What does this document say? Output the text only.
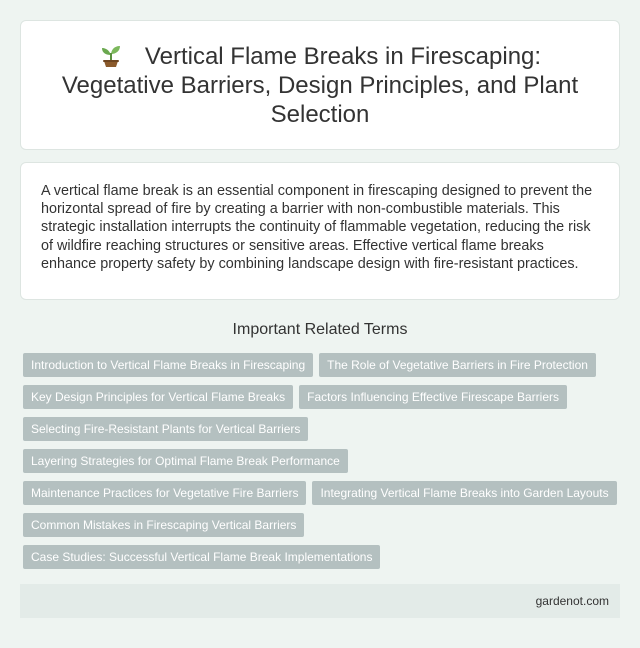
Vertical Flame Breaks in Firescaping: Vegetative Barriers, Design Principles, and Plant Selection

A vertical flame break is an essential component in firescaping designed to prevent the horizontal spread of fire by creating a barrier with non-combustible materials. This strategic installation interrupts the continuity of flammable vegetation, reducing the risk of wildfire reaching structures or sensitive areas. Effective vertical flame breaks enhance property safety by combining landscape design with fire-resistant practices.

Important Related Terms
Introduction to Vertical Flame Breaks in Firescaping	The Role of Vegetative Barriers in Fire Protection
Key Design Principles for Vertical Flame Breaks	Factors Influencing Effective Firescape Barriers
Selecting Fire-Resistant Plants for Vertical Barriers
Layering Strategies for Optimal Flame Break Performance
Maintenance Practices for Vegetative Fire Barriers	Integrating Vertical Flame Breaks into Garden Layouts
Common Mistakes in Firescaping Vertical Barriers
Case Studies: Successful Vertical Flame Break Implementations
gardenot.com
